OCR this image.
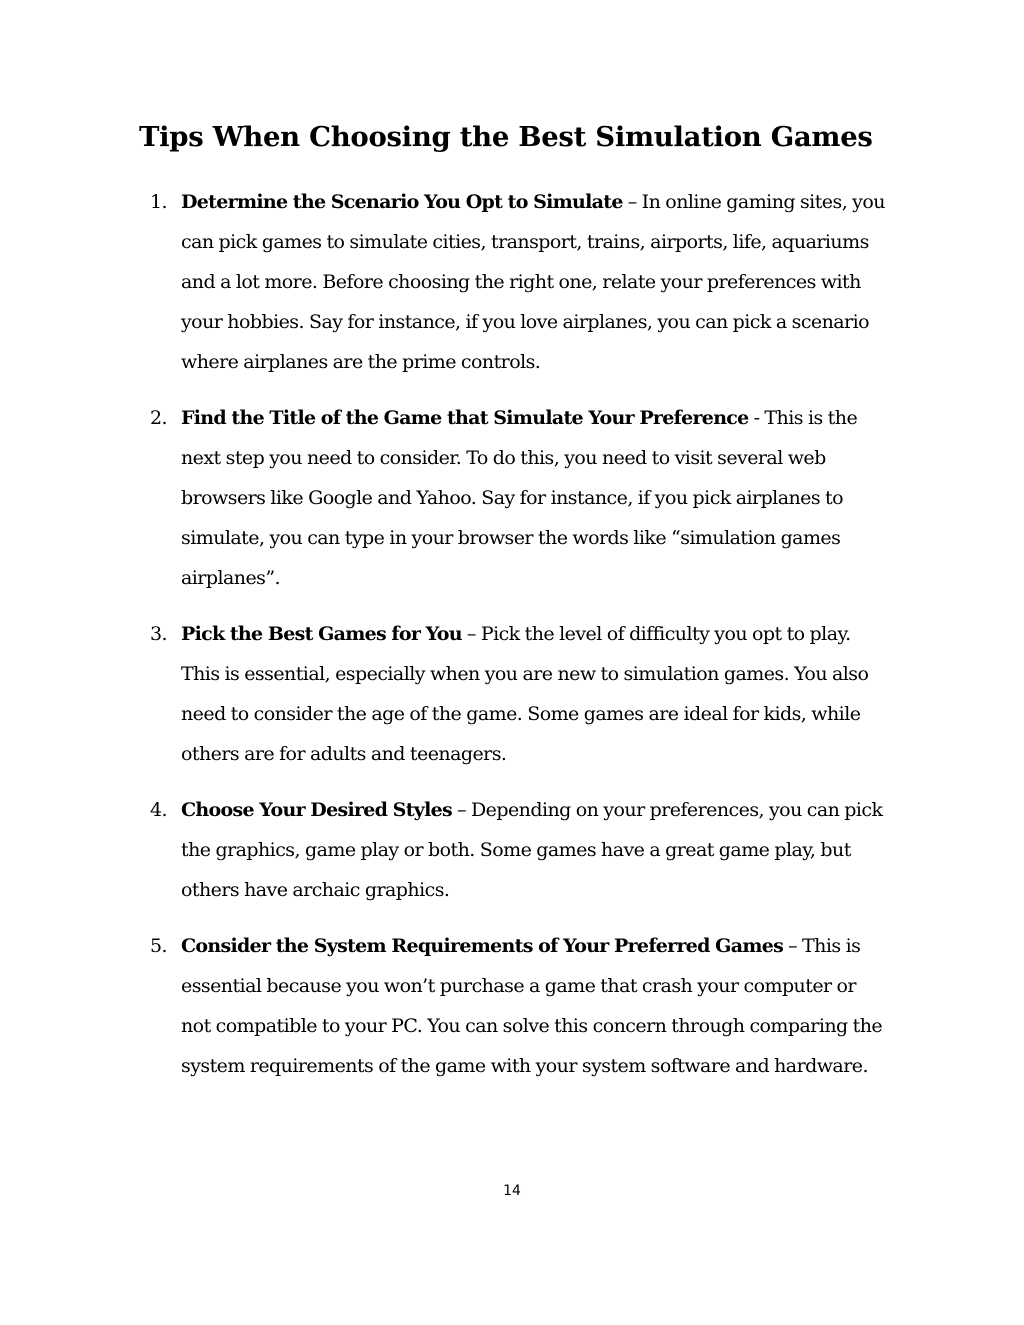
Tips When Choosing the Best Simulation Games
1. Determine the Scenario You Opt to Simulate – In online gaming sites, you can pick games to simulate cities, transport, trains, airports, life, aquariums and a lot more. Before choosing the right one, relate your preferences with your hobbies. Say for instance, if you love airplanes, you can pick a scenario where airplanes are the prime controls.
2. Find the Title of the Game that Simulate Your Preference - This is the next step you need to consider. To do this, you need to visit several web browsers like Google and Yahoo. Say for instance, if you pick airplanes to simulate, you can type in your browser the words like “simulation games airplanes”.
3. Pick the Best Games for You – Pick the level of difficulty you opt to play. This is essential, especially when you are new to simulation games. You also need to consider the age of the game. Some games are ideal for kids, while others are for adults and teenagers.
4. Choose Your Desired Styles – Depending on your preferences, you can pick the graphics, game play or both. Some games have a great game play, but others have archaic graphics.
5. Consider the System Requirements of Your Preferred Games – This is essential because you won’t purchase a game that crash your computer or not compatible to your PC. You can solve this concern through comparing the system requirements of the game with your system software and hardware.
14
